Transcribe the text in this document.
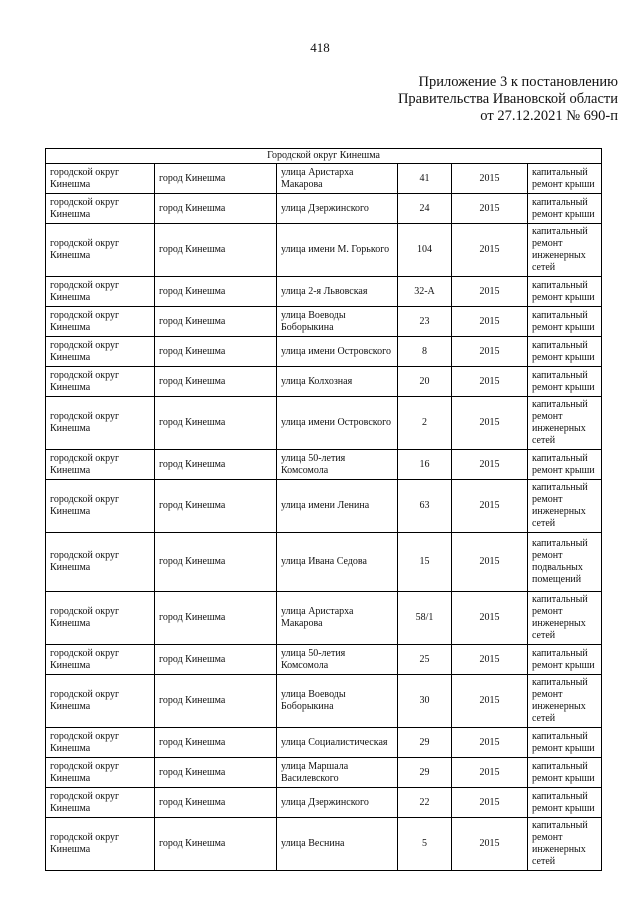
418
Приложение 3 к постановлению
Правительства Ивановской области
от 27.12.2021 № 690-п
Городской округ Кинешма					
городской округ Кинешма	город Кинешма	улица Аристарха Макарова	41	2015	капитальный ремонт крыши
городской округ Кинешма	город Кинешма	улица Дзержинского	24	2015	капитальный ремонт крыши
городской округ Кинешма	город Кинешма	улица имени М. Горького	104	2015	капитальный ремонт инженерных сетей
городской округ Кинешма	город Кинешма	улица 2-я Львовская	32-А	2015	капитальный ремонт крыши
городской округ Кинешма	город Кинешма	улица Воеводы Боборыкина	23	2015	капитальный ремонт крыши
городской округ Кинешма	город Кинешма	улица имени Островского	8	2015	капитальный ремонт крыши
городской округ Кинешма	город Кинешма	улица Колхозная	20	2015	капитальный ремонт крыши
городской округ Кинешма	город Кинешма	улица имени Островского	2	2015	капитальный ремонт инженерных сетей
городской округ Кинешма	город Кинешма	улица 50-летия Комсомола	16	2015	капитальный ремонт крыши
городской округ Кинешма	город Кинешма	улица имени Ленина	63	2015	капитальный ремонт инженерных сетей
городской округ Кинешма	город Кинешма	улица Ивана Седова	15	2015	капитальный ремонт подвальных помещений
городской округ Кинешма	город Кинешма	улица Аристарха Макарова	58/1	2015	капитальный ремонт инженерных сетей
городской округ Кинешма	город Кинешма	улица 50-летия Комсомола	25	2015	капитальный ремонт крыши
городской округ Кинешма	город Кинешма	улица Воеводы Боборыкина	30	2015	капитальный ремонт инженерных сетей
городской округ Кинешма	город Кинешма	улица Социалистическая	29	2015	капитальный ремонт крыши
городской округ Кинешма	город Кинешма	улица Маршала Василевского	29	2015	капитальный ремонт крыши
городской округ Кинешма	город Кинешма	улица Дзержинского	22	2015	капитальный ремонт крыши
городской округ Кинешма	город Кинешма	улица Веснина	5	2015	капитальный ремонт инженерных сетей
